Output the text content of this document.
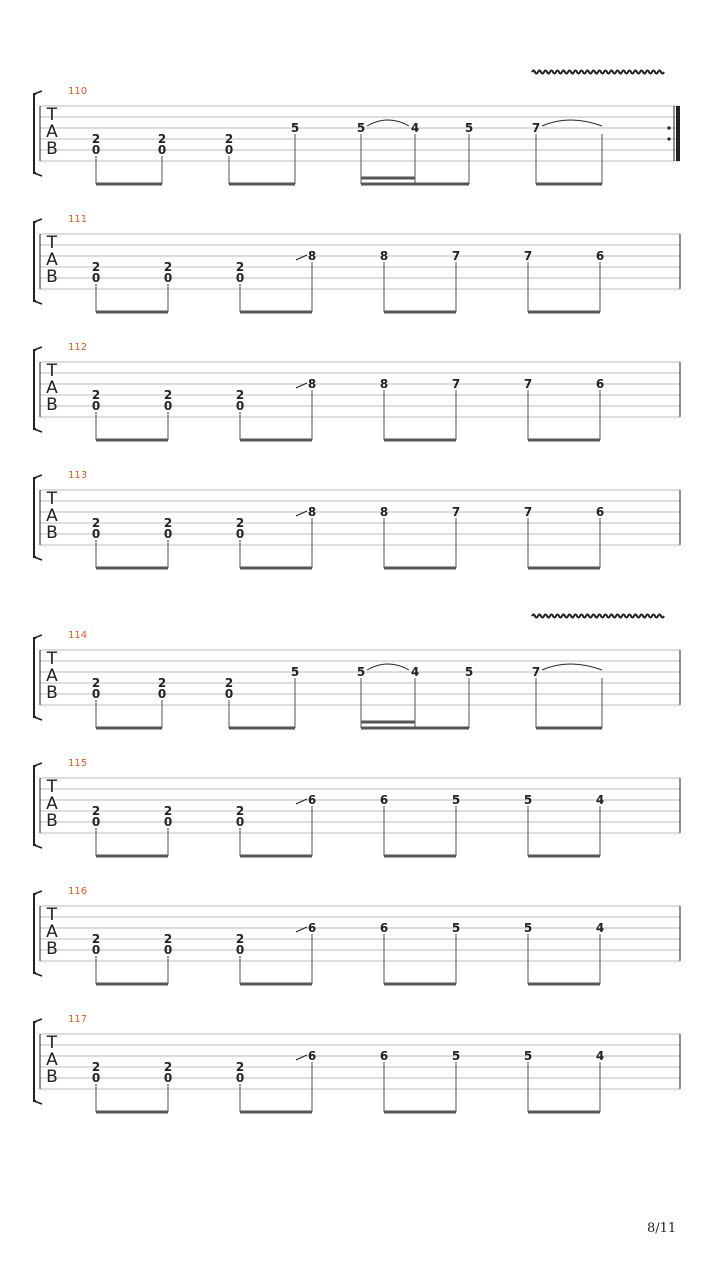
110
T
A
B	2
0
2
0
2
0
5	5	4	5	7
111
T
A
B	2
0
2
0
2
0
8	8	7	7	6
112
T
A
B	2
0
2
0
2
0
8	8	7	7	6
113
T
A
B	2
0
2
0
2
0
8	8	7	7	6
114
T
A
B	2
0
2
0
2
0
5	5	4	5	7
115
T
A
B	2
0
2
0
2
0
6	6	5	5	4
116
T
A
B	2
0
2
0
2
0
6	6	5	5	4
117
T
A
B	2
0
2
0
2
0
6	6	5	5	4
8/11
